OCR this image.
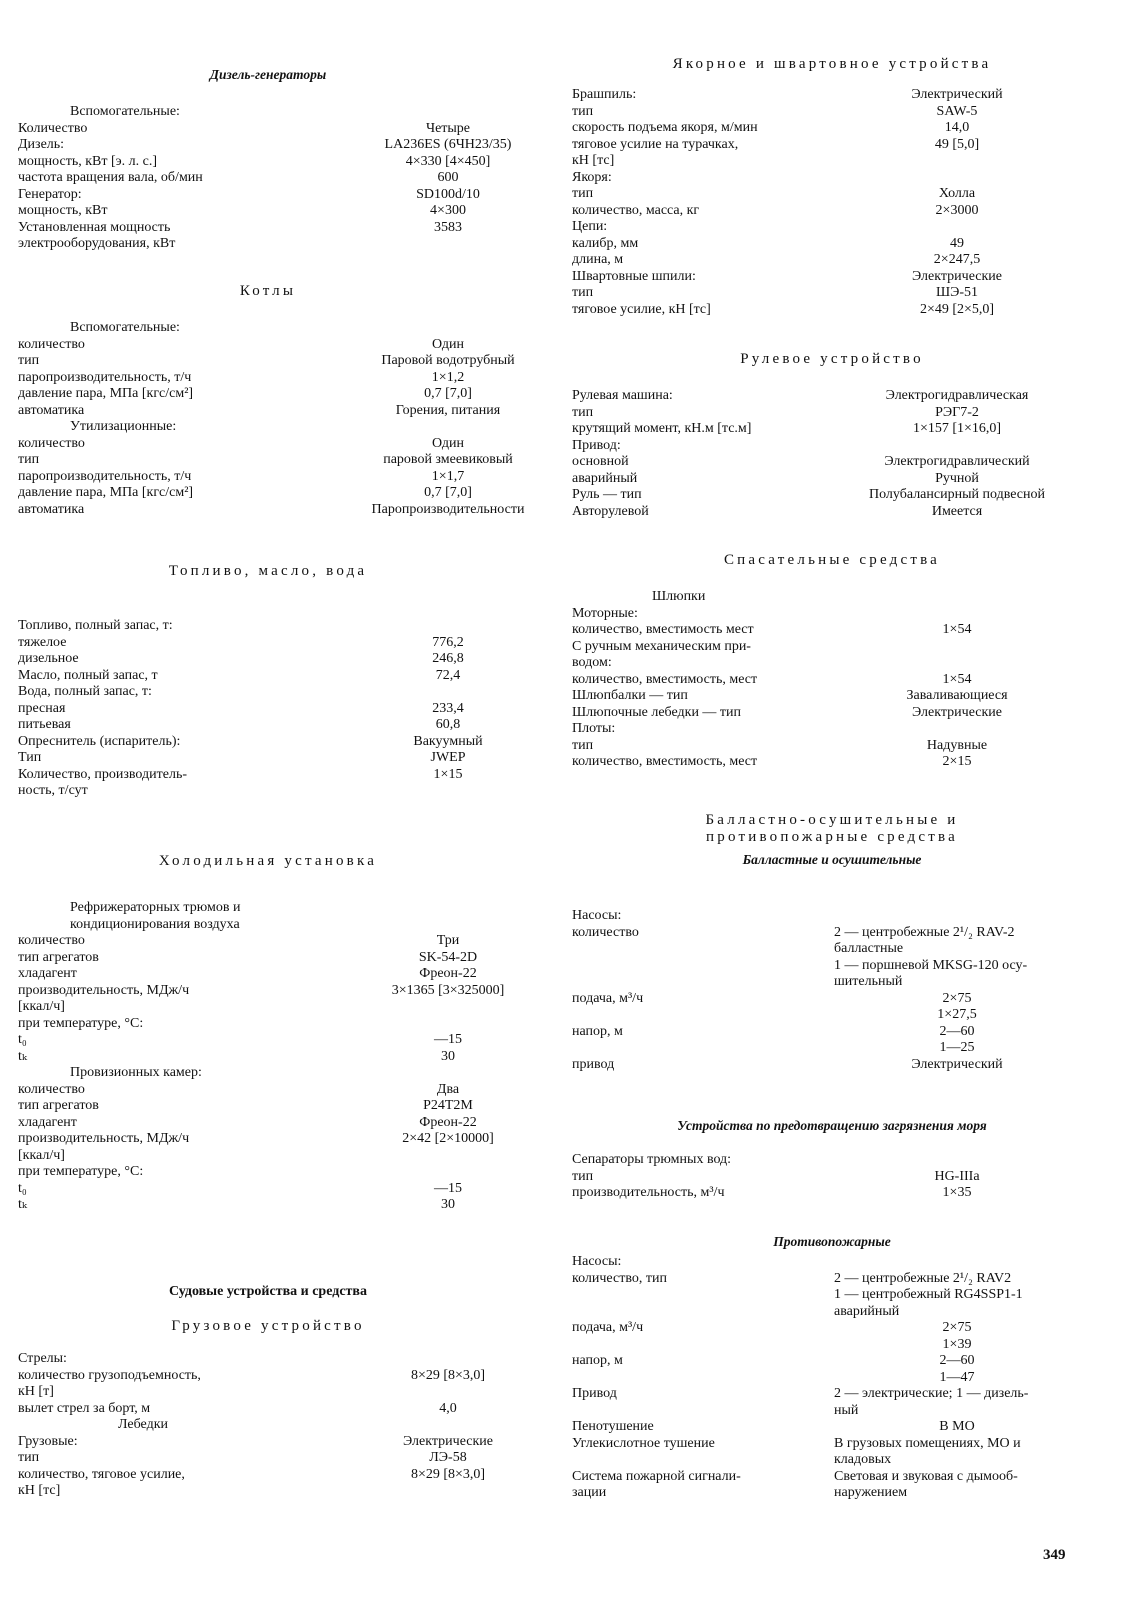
Дизель-генераторы
Вспомогательные:
Количество	Четыре
Дизель:	LA236ES (6ЧН23/35)
мощность, кВт [э. л. с.]	4×330 [4×450]
частота вращения вала, об/мин	600
Генератор:	SD100d/10
мощность, кВт	4×300
Установленная мощность	3583
электрооборудования, кВт
Котлы
Вспомогательные:
количество	Один
тип	Паровой водотрубный
паропроизводительность, т/ч	1×1,2
давление пара, МПа [кгс/см²]	0,7 [7,0]
автоматика	Горения, питания
Утилизационные:
количество	Один
тип	паровой змеевиковый
паропроизводительность, т/ч	1×1,7
давление пара, МПа [кгс/см²]	0,7 [7,0]
автоматика	Паропроизводительности
Топливо, масло, вода
Топливо, полный запас, т:
тяжелое	776,2
дизельное	246,8
Масло, полный запас, т	72,4
Вода, полный запас, т:
пресная	233,4
питьевая	60,8
Опреснитель (испаритель):	Вакуумный
Тип	JWEP
Количество, производитель-	1×15
ность, т/сут
Холодильная установка
Рефрижераторных трюмов и
кондиционирования воздуха
количество	Три
тип агрегатов	SK-54-2D
хладагент	Фреон-22
производительность, МДж/ч	3×1365 [3×325000]
[ккал/ч]
при температуре, °С:
t₀	—15
tₖ	30
Провизионных камер:
количество	Два
тип агрегатов	P24T2M
хладагент	Фреон-22
производительность, МДж/ч	2×42 [2×10000]
[ккал/ч]
при температуре, °С:
t₀	—15
tₖ	30
Судовые устройства и средства
Грузовое устройство
Стрелы:
количество грузоподъемность,	8×29 [8×3,0]
кН [т]
вылет стрел за борт, м	4,0
Лебедки
Грузовые:	Электрические
тип	ЛЭ-58
количество, тяговое усилие,	8×29 [8×3,0]
кН [тс]
Якорное и швартовное устройства
Брашпиль:	Электрический
тип	SAW-5
скорость подъема якоря, м/мин	14,0
тяговое усилие на турачках,	49 [5,0]
кН [тс]
Якоря:
тип	Холла
количество, масса, кг	2×3000
Цепи:
калибр, мм	49
длина, м	2×247,5
Швартовные шпили:	Электрические
тип	ШЭ-51
тяговое усилие, кН [тс]	2×49 [2×5,0]
Рулевое устройство
Рулевая машина:	Электрогидравлическая
тип	РЭГ7-2
крутящий момент, кН.м [тс.м]	1×157 [1×16,0]
Привод:
основной	Электрогидравлический
аварийный	Ручной
Руль — тип	Полубалансирный подвесной
Авторулевой	Имеется
Спасательные средства
Шлюпки
Моторные:
количество, вместимость мест	1×54
С ручным механическим при-
водом:
количество, вместимость, мест	1×54
Шлюпбалки — тип	Заваливающиеся
Шлюпочные лебедки — тип	Электрические
Плоты:
тип	Надувные
количество, вместимость, мест	2×15
Балластно-осушительные и
противопожарные средства
Балластные и осушительные
Насосы:
количество	2 — центробежные 2¹/₂ RAV-2
балластные
1 — поршневой MKSG-120 осу-
шительный
подача, м³/ч	2×75
1×27,5
напор, м	2—60
1—25
привод	Электрический
Устройства по предотвращению загрязнения моря
Сепараторы трюмных вод:
тип	HG-IIIa
производительность, м³/ч	1×35
Противопожарные
Насосы:
количество, тип	2 — центробежные 2¹/₂ RAV2
1 — центробежный RG4SSP1-1
аварийный
подача, м³/ч	2×75
1×39
напор, м	2—60
1—47
Привод	2 — электрические; 1 — дизель-
ный
Пенотушение	В МО
Углекислотное тушение	В грузовых помещениях, МО и
кладовых
Система пожарной сигнали-	Световая и звуковая с дымооб-
зации	наружением
349
